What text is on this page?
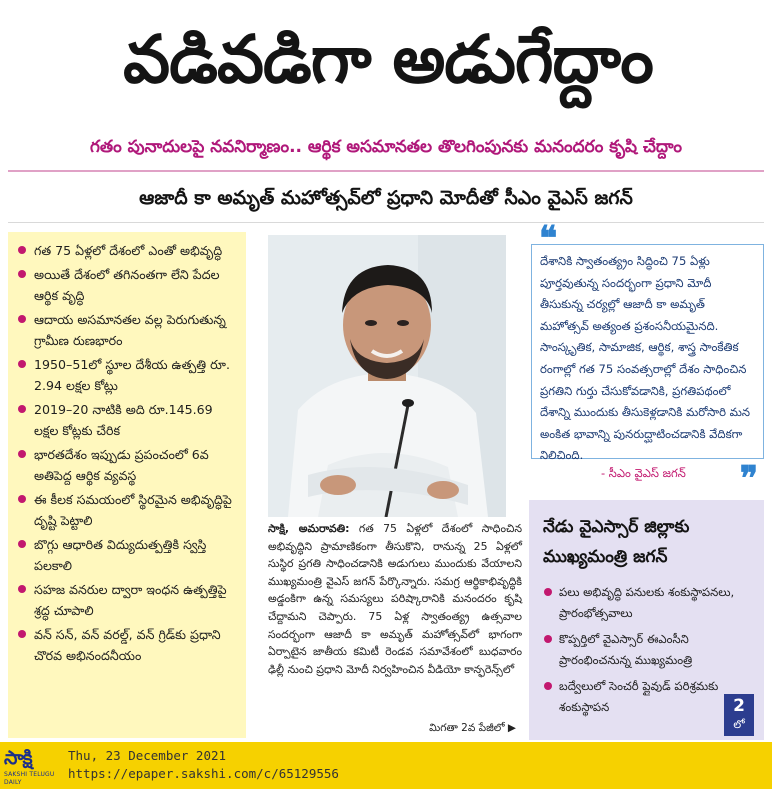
వడివడిగా అడుగేద్దాం
గతం పునాదులపై నవనిర్మాణం.. ఆర్థిక అసమానతల తొలగింపునకు మనందరం కృషి చేద్దాం
ఆజాదీ కా అమృత్ మహోత్సవ్‌లో ప్రధాని మోదీతో సీఎం వైఎస్ జగన్
గత 75 ఏళ్లలో దేశంలో ఎంతో అభివృద్ధి
అయితే దేశంలో తగినంతగా లేని పేదల ఆర్థిక వృద్ధి
ఆదాయ అసమానతల వల్ల పెరుగుతున్న గ్రామీణ రుణభారం
1950–51లో స్థూల దేశీయ ఉత్పత్తి రూ. 2.94 లక్షల కోట్లు
2019–20 నాటికి అది రూ.145.69 లక్షల కోట్లకు చేరిక
భారతదేశం ఇప్పుడు ప్రపంచంలో 6వ అతిపెద్ద ఆర్థిక వ్యవస్థ
ఈ కీలక సమయంలో స్థిరమైన అభివృద్ధిపై దృష్టి పెట్టాలి
బొగ్గు ఆధారిత విద్యుదుత్పత్తికి స్వస్తి పలకాలి
సహజ వనరుల ద్వారా ఇంధన ఉత్పత్తిపై శ్రద్ధ చూపాలి
వన్ సన్, వన్ వరల్డ్, వన్ గ్రిడ్‌కు ప్రధాని చొరవ అభినందనీయం
సాక్షి, అమరావతి: గత 75 ఏళ్లలో దేశంలో సాధించిన అభివృద్ధిని ప్రామాణికంగా తీసుకొని, రానున్న 25 ఏళ్లలో సుస్థిర ప్రగతి సాధించడానికి అడుగులు ముందుకు వేయాలని ముఖ్యమంత్రి వైఎస్ జగన్ పేర్కొన్నారు. సమగ్ర ఆర్థికాభివృద్ధికి అడ్డంకిగా ఉన్న సమస్యలు పరిష్కారానికి మనందరం కృషి చేద్దామని చెప్పారు. 75 ఏళ్ల స్వాతంత్య్ర ఉత్సవాల సందర్భంగా ఆజాదీ కా అమృత్ మహోత్సవ్‌లో భాగంగా ఏర్పాటైన జాతీయ కమిటీ రెండవ సమావేశంలో బుధవారం ఢిల్లీ నుంచి ప్రధాని మోదీ నిర్వహించిన వీడియో కాన్ఫరెన్స్‌లో
మిగతా 2వ పేజీలో ▶
దేశానికి స్వాతంత్య్రం సిద్ధించి 75 ఏళ్లు పూర్తవుతున్న సందర్భంగా ప్రధాని మోదీ తీసుకున్న చర్యల్లో ఆజాదీ కా అమృత్ మహోత్సవ్ అత్యంత ప్రశంసనీయమైనది. సాంస్కృతిక, సామాజిక, ఆర్థిక, శాస్త్ర సాంకేతిక రంగాల్లో గత 75 సంవత్సరాల్లో దేశం సాధించిన ప్రగతిని గుర్తు చేసుకోవడానికి, ప్రగతిపథంలో దేశాన్ని ముందుకు తీసుకెళ్లడానికి మరోసారి మన అంకిత భావాన్ని పునరుద్ఘాటించడానికి వేదికగా నిలిచింది.
❝
- సీఎం వైఎస్ జగన్ ❞
నేడు వైఎస్సార్ జిల్లాకు
ముఖ్యమంత్రి జగన్
పలు అభివృద్ధి పనులకు శంకుస్థాపనలు, ప్రారంభోత్సవాలు
కొప్పర్తిలో వైఎస్సార్ ఈఎంసీని ప్రారంభించనున్న ముఖ్యమంత్రి
బద్వేలులో సెంచరీ ప్లైవుడ్ పరిశ్రమకు శంకుస్థాపన	2
లో
సాక్షి
SAKSHI TELUGU DAILY
Thu, 23 December 2021
https://epaper.sakshi.com/c/65129556
